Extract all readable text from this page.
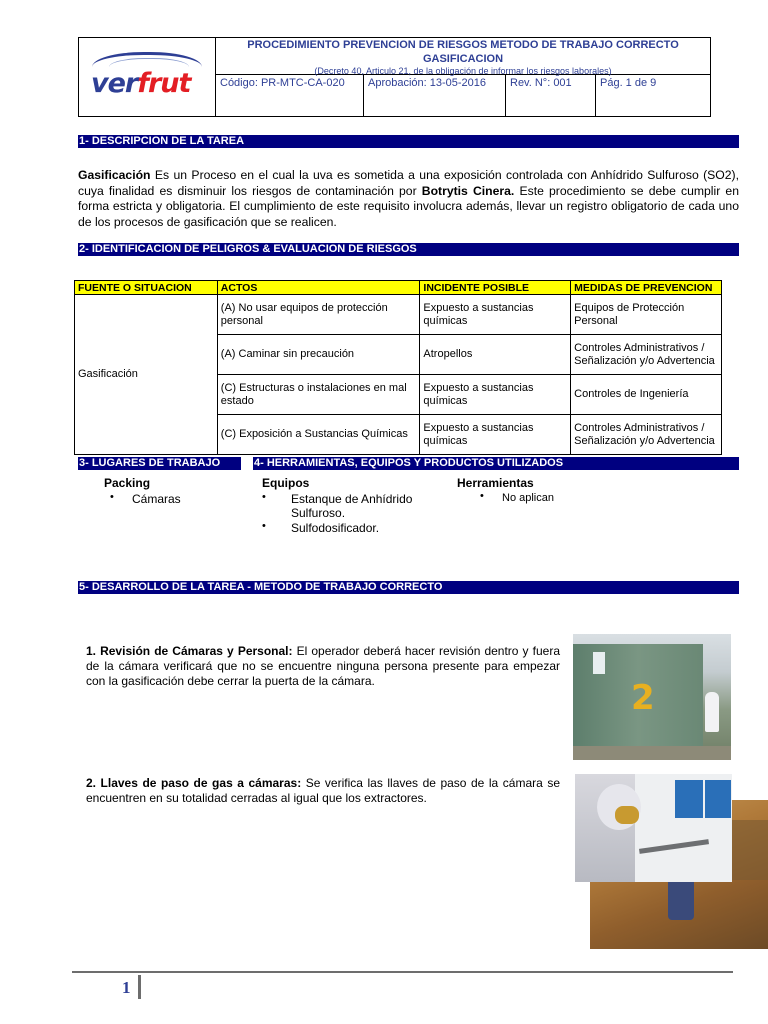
verfrut
PROCEDIMIENTO PREVENCION DE RIESGOS METODO DE TRABAJO CORRECTO
GASIFICACION
(Decreto 40, Articulo 21, de la obligación de informar los riesgos laborales)
Código: PR-MTC-CA-020	Aprobación: 13-05-2016	Rev. N°: 001	Pág. 1 de 9
1- DESCRIPCION DE LA TAREA
Gasificación Es un Proceso en el cual la uva es sometida a una exposición controlada con Anhídrido Sulfuroso (SO2), cuya finalidad es disminuir los riesgos de contaminación por Botrytis Cinera. Este procedimiento se debe cumplir en forma estricta y obligatoria. El cumplimiento de este requisito involucra además, llevar un registro obligatorio de cada uno de los procesos de gasificación que se realicen.
2- IDENTIFICACION DE PELIGROS & EVALUACION DE RIESGOS
FUENTE O SITUACION	ACTOS	INCIDENTE POSIBLE	MEDIDAS DE PREVENCION
Gasificación	(A) No usar equipos de protección personal	Expuesto a sustancias químicas	Equipos de Protección Personal
	(A) Caminar sin precaución	Atropellos	Controles Administrativos / Señalización y/o Advertencia
	(C) Estructuras o instalaciones en mal estado	Expuesto a sustancias químicas	Controles de Ingeniería
	(C) Exposición a Sustancias Químicas	Expuesto a sustancias químicas	Controles Administrativos / Señalización y/o Advertencia
3- LUGARES DE TRABAJO	4- HERRAMIENTAS, EQUIPOS Y PRODUCTOS UTILIZADOS
Packing
• Cámaras
Equipos
• Estanque de Anhídrido Sulfuroso.
• Sulfodosificador.
Herramientas
• No aplican
5- DESARROLLO DE LA TAREA - METODO DE TRABAJO CORRECTO
1. Revisión de Cámaras y Personal: El operador deberá hacer revisión dentro y fuera de la cámara verificará que no se encuentre ninguna persona presente para empezar con la gasificación debe cerrar la puerta de la cámara.
2. Llaves de paso de gas a cámaras: Se verifica las llaves de paso de la cámara se encuentren en su totalidad cerradas al igual que los extractores.
2
1
